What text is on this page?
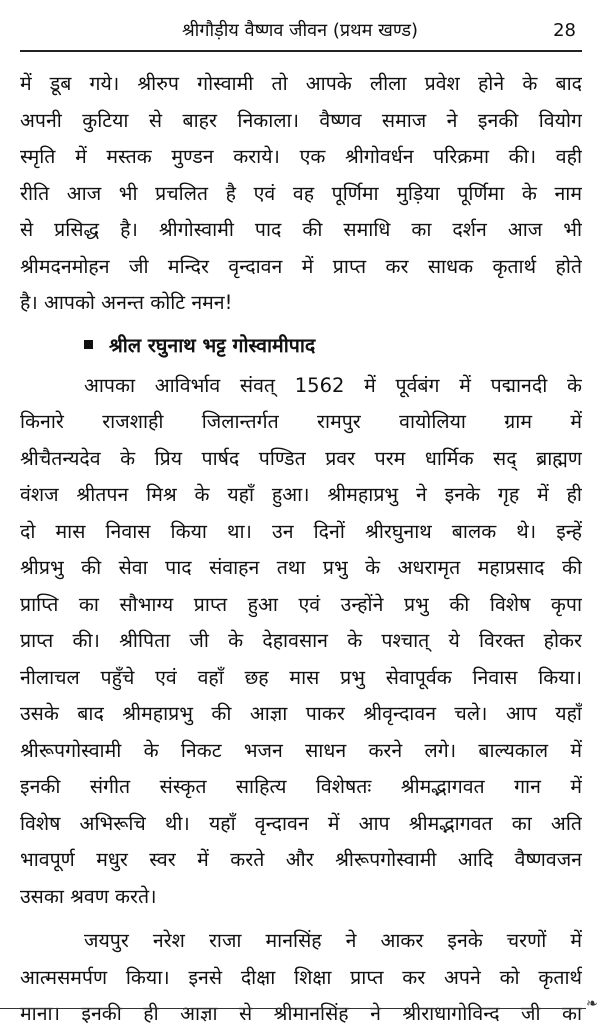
श्रीगौड़ीय वैष्णव जीवन (प्रथम खण्ड)	28
में डूब गये। श्रीरुप गोस्वामी तो आपके लीला प्रवेश होने के बाद
अपनी कुटिया से बाहर निकाला। वैष्णव समाज ने इनकी वियोग
स्मृति में मस्तक मुण्डन कराये। एक श्रीगोवर्धन परिक्रमा की। वही
रीति आज भी प्रचलित है एवं वह पूर्णिमा मुड़िया पूर्णिमा के नाम
से प्रसिद्ध है। श्रीगोस्वामी पाद की समाधि का दर्शन आज भी
श्रीमदनमोहन जी मन्दिर वृन्दावन में प्राप्त कर साधक कृतार्थ होते
है। आपको अनन्त कोटि नमन!
श्रील रघुनाथ भट्ट गोस्वामीपाद
आपका आविर्भाव संवत् 1562 में पूर्वबंग में पद्मानदी के
किनारे राजशाही जिलान्तर्गत रामपुर वायोलिया ग्राम में
श्रीचैतन्यदेव के प्रिय पार्षद पण्डित प्रवर परम धार्मिक सद् ब्राह्मण
वंशज श्रीतपन मिश्र के यहाँ हुआ। श्रीमहाप्रभु ने इनके गृह में ही
दो मास निवास किया था। उन दिनों श्रीरघुनाथ बालक थे। इन्हें
श्रीप्रभु की सेवा पाद संवाहन तथा प्रभु के अधरामृत महाप्रसाद की
प्राप्ति का सौभाग्य प्राप्त हुआ एवं उन्होंने प्रभु की विशेष कृपा
प्राप्त की। श्रीपिता जी के देहावसान के पश्चात् ये विरक्त होकर
नीलाचल पहुँचे एवं वहाँ छह मास प्रभु सेवापूर्वक निवास किया।
उसके बाद श्रीमहाप्रभु की आज्ञा पाकर श्रीवृन्दावन चले। आप यहाँ
श्रीरूपगोस्वामी के निकट भजन साधन करने लगे। बाल्यकाल में
इनकी संगीत संस्कृत साहित्य विशेषतः श्रीमद्भागवत गान में
विशेष अभिरूचि थी। यहाँ वृन्दावन में आप श्रीमद्भागवत का अति
भावपूर्ण मधुर स्वर में करते और श्रीरूपगोस्वामी आदि वैष्णवजन
उसका श्रवण करते।
जयपुर नरेश राजा मानसिंह ने आकर इनके चरणों में
आत्मसमर्पण किया। इनसे दीक्षा शिक्षा प्राप्त कर अपने को कृतार्थ
माना। इनकी ही आज्ञा से श्रीमानसिंह ने श्रीराधागोविन्द जी का ❧
